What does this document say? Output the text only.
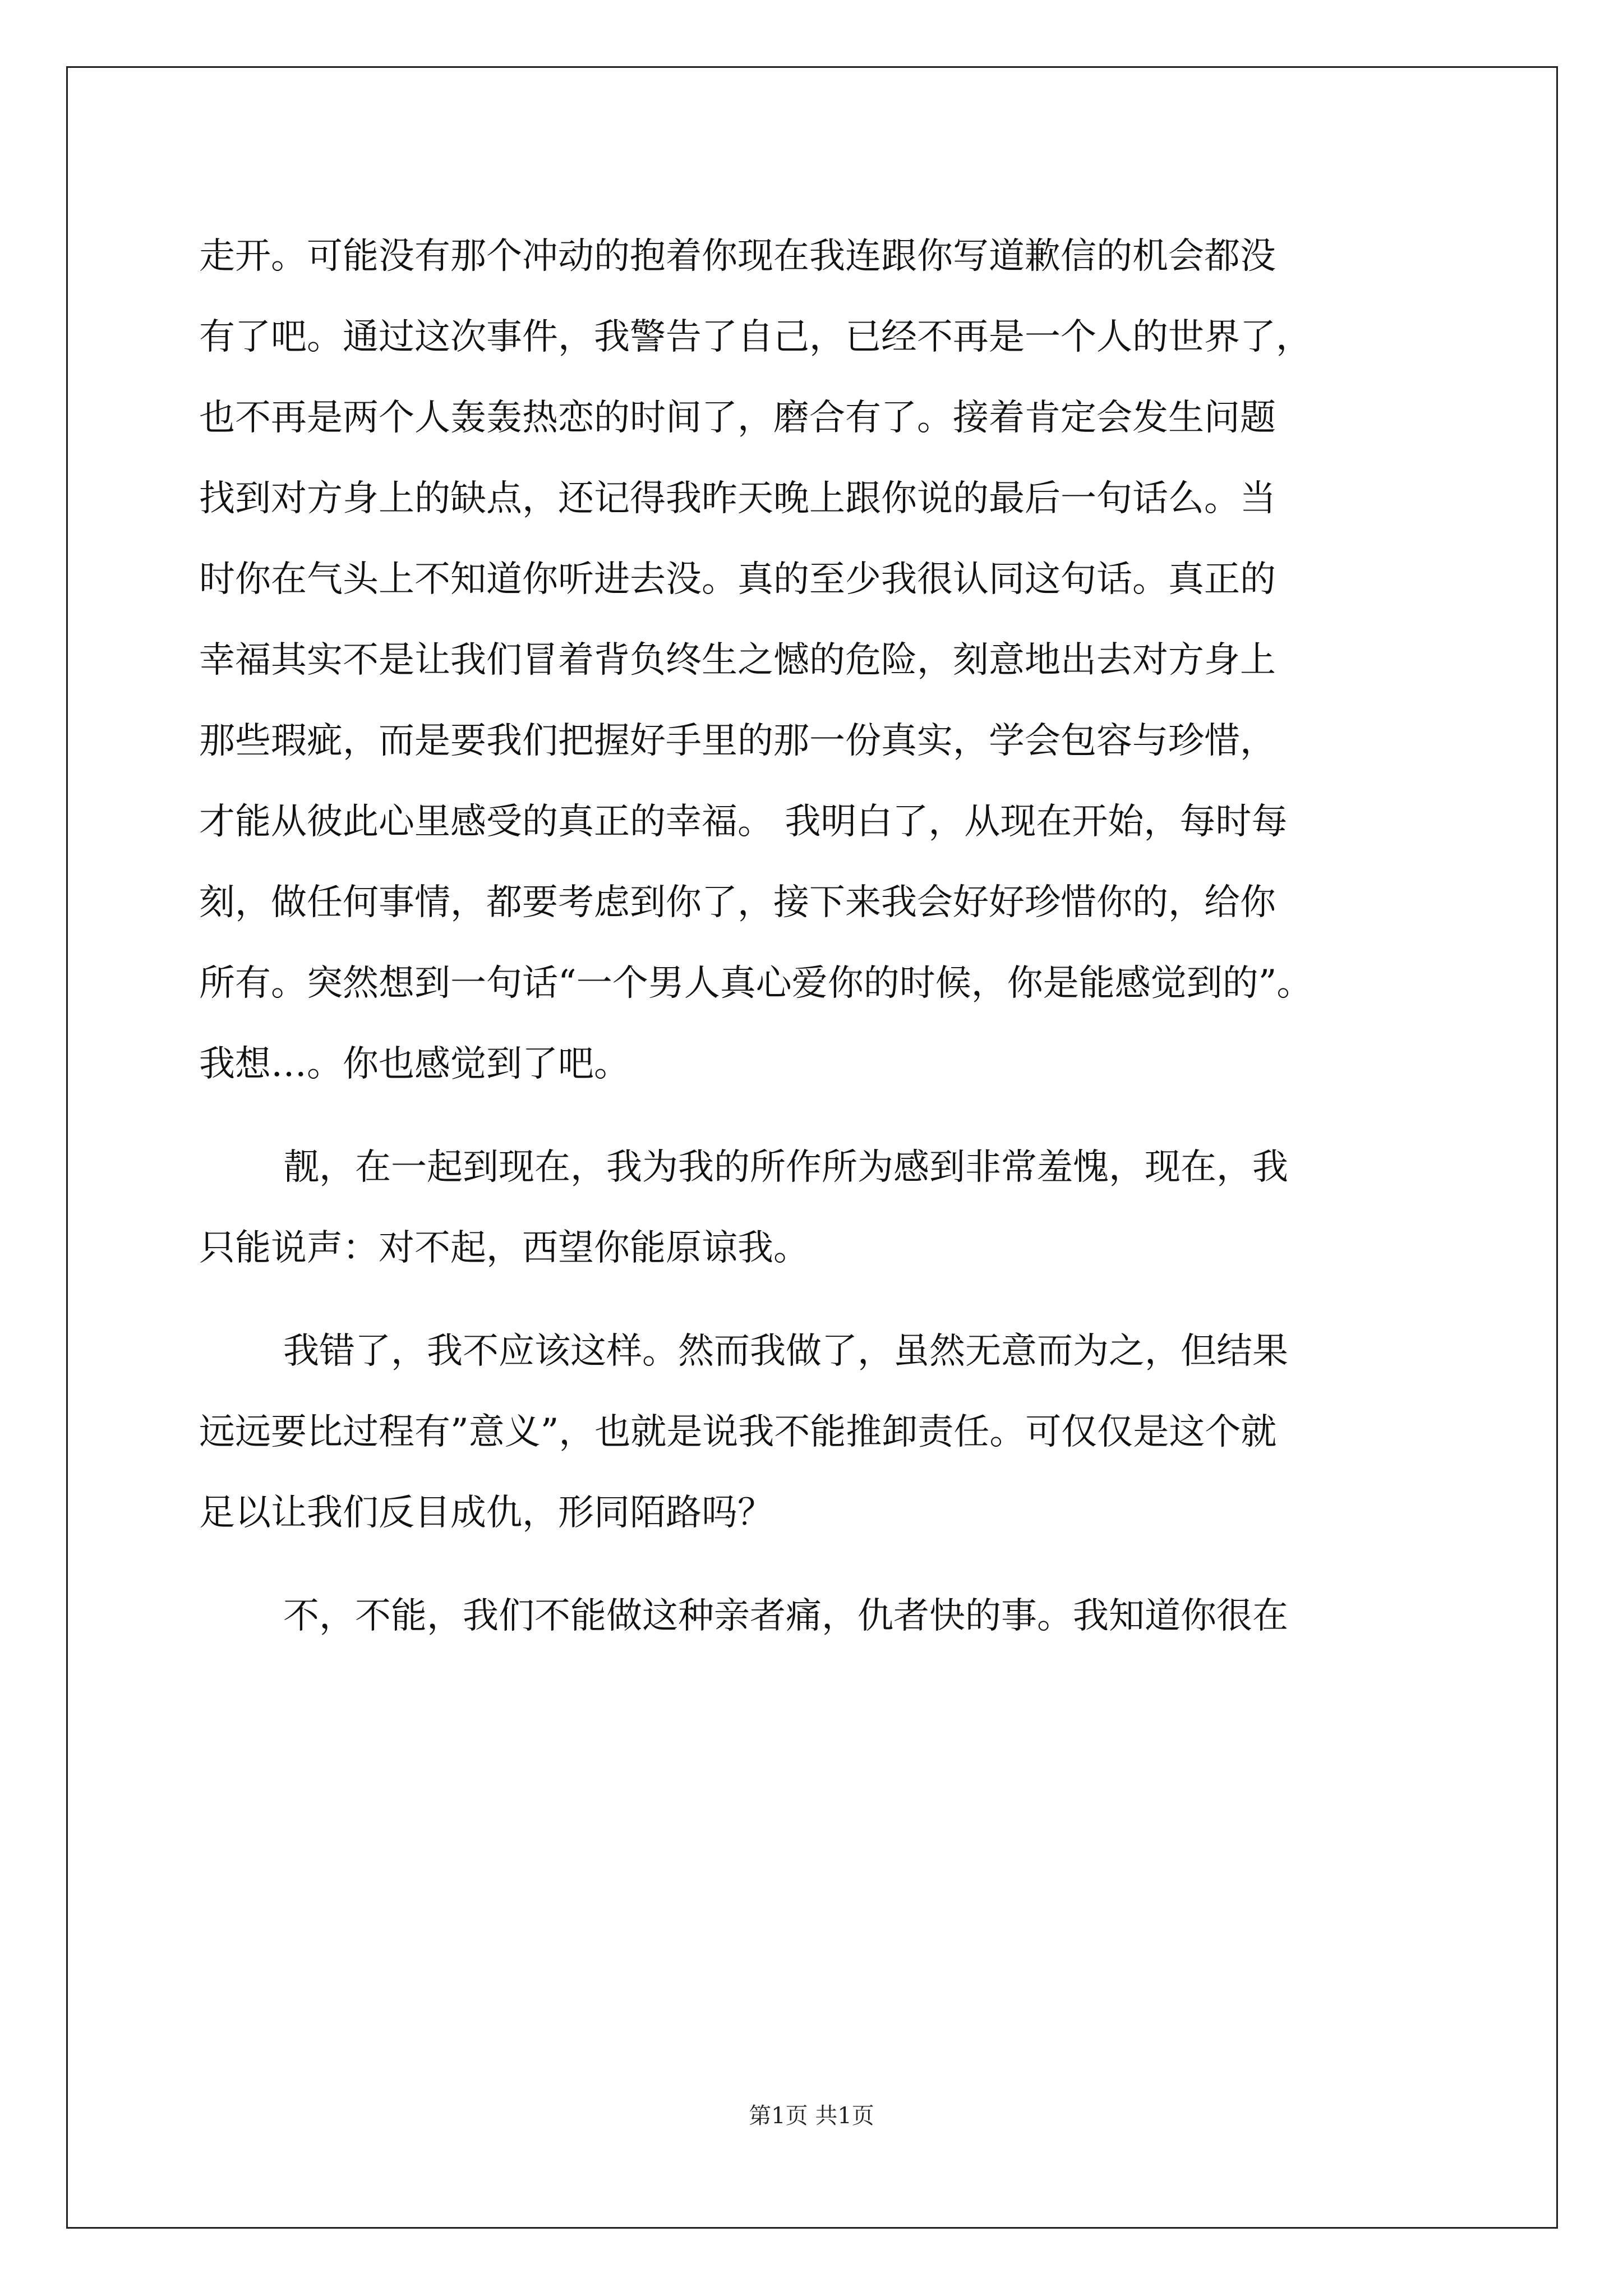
走开。可能没有那个冲动的抱着你现在我连跟你写道歉信的机会都没
有了吧。通过这次事件，我警告了自己，已经不再是一个人的世界了，
也不再是两个人轰轰热恋的时间了，磨合有了。接着肯定会发生问题
找到对方身上的缺点，还记得我昨天晚上跟你说的最后一句话么。当
时你在气头上不知道你听进去没。真的至少我很认同这句话。真正的
幸福其实不是让我们冒着背负终生之憾的危险，刻意地出去对方身上
那些瑕疵，而是要我们把握好手里的那一份真实，学会包容与珍惜，
才能从彼此心里感受的真正的幸福。 我明白了，从现在开始，每时每
刻，做任何事情，都要考虑到你了，接下来我会好好珍惜你的，给你
所有。突然想到一句话“一个男人真心爱你的时候，你是能感觉到的”。
我想…。你也感觉到了吧。
靓，在一起到现在，我为我的所作所为感到非常羞愧，现在，我
只能说声：对不起，西望你能原谅我。
我错了，我不应该这样。然而我做了，虽然无意而为之，但结果
远远要比过程有”意义”，也就是说我不能推卸责任。可仅仅是这个就
足以让我们反目成仇，形同陌路吗？
不，不能，我们不能做这种亲者痛，仇者快的事。我知道你很在
第1页 共1页
